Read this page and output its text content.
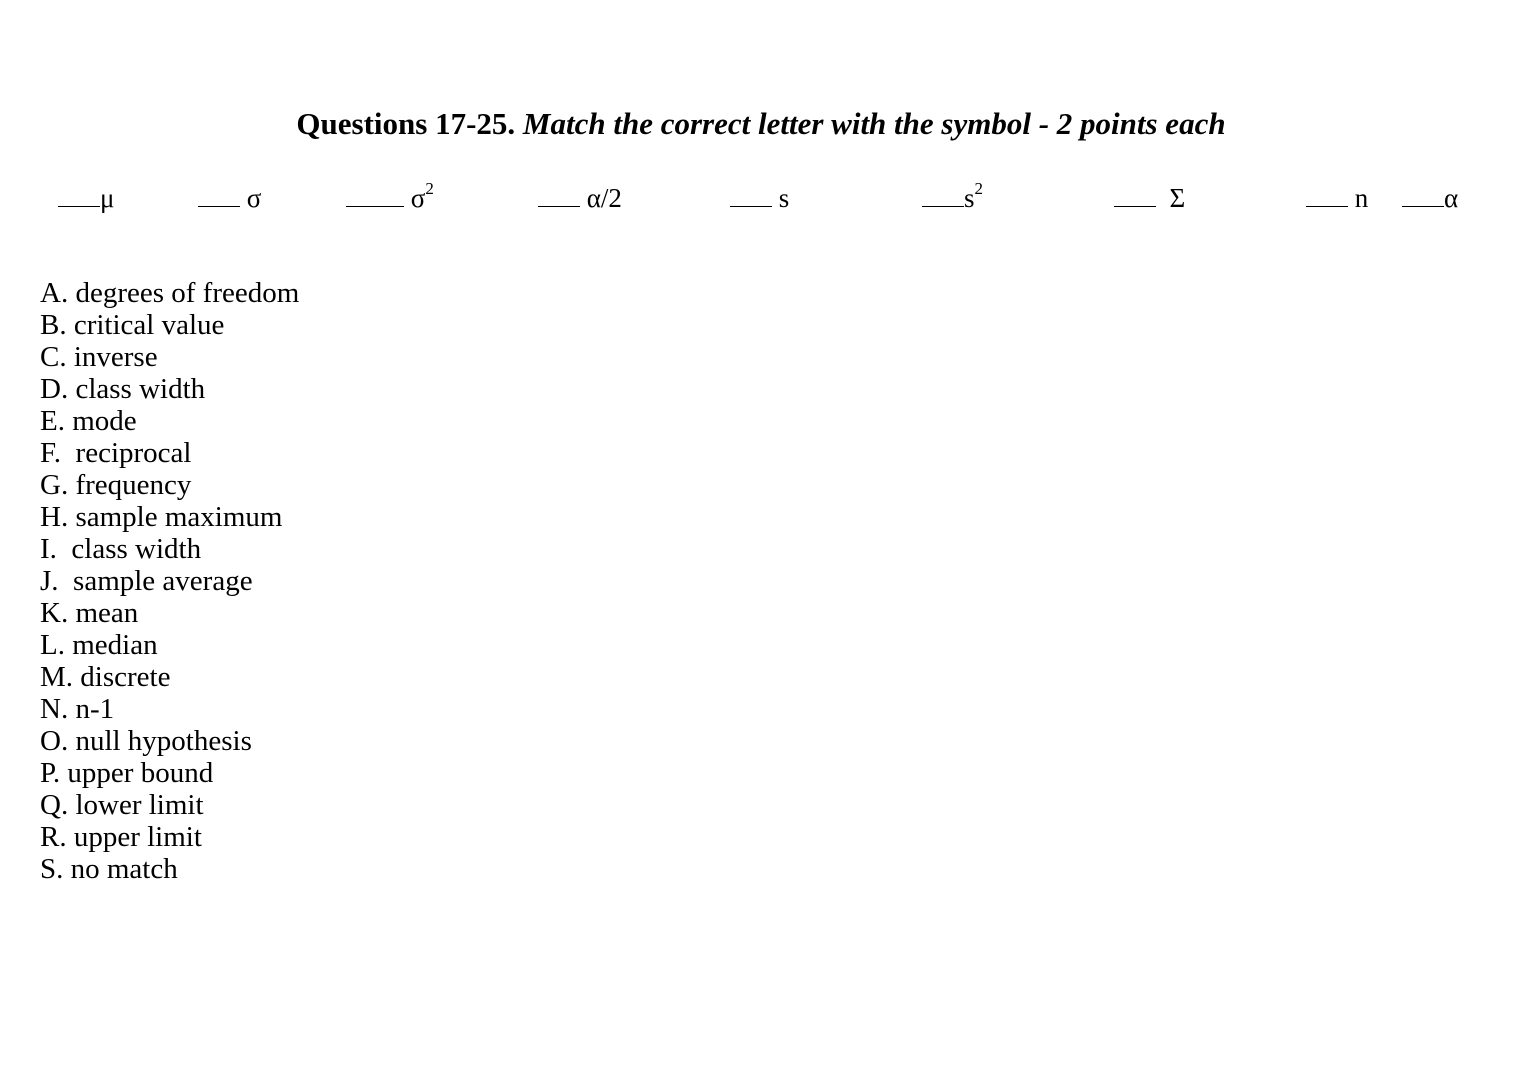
Questions 17-25. Match the correct letter with the symbol - 2 points each
μ	σ	$\sigma^2$	α/2	s	$s^2$	Σ	n	α
A. degrees of freedom
B. critical value
C. inverse
D. class width
E. mode
F.  reciprocal
G. frequency
H. sample maximum
I.  class width
J.  sample average
K. mean
L. median
M. discrete
N. n-1
O. null hypothesis
P. upper bound
Q. lower limit
R. upper limit
S. no match
